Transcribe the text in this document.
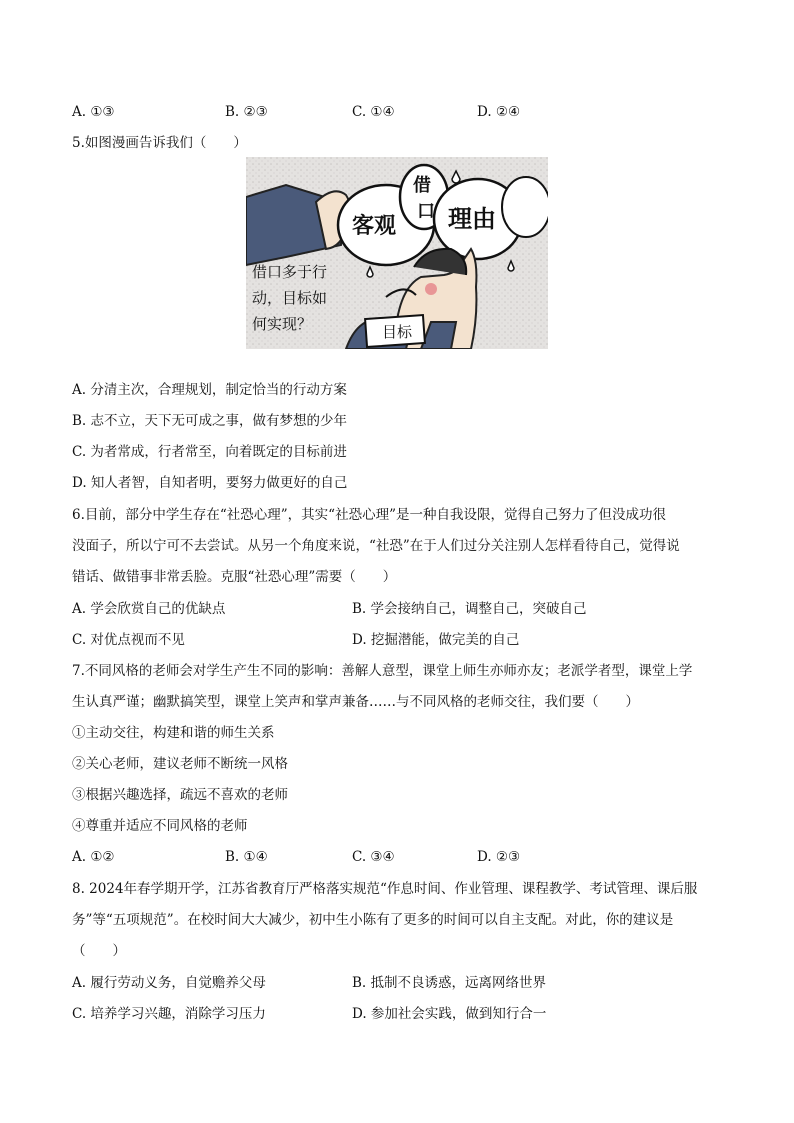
A. ①③	B. ②③	C. ①④	D. ②④
5.如图漫画告诉我们（　　）
客观
借
口 理由
借口多于行
动，目标如
何实现？	目标
A. 分清主次，合理规划，制定恰当的行动方案
B. 志不立，天下无可成之事，做有梦想的少年
C. 为者常成，行者常至，向着既定的目标前进
D. 知人者智，自知者明，要努力做更好的自己
6.目前，部分中学生存在“社恐心理”，其实“社恐心理”是一种自我设限，觉得自己努力了但没成功很
没面子，所以宁可不去尝试。从另一个角度来说，“社恐”在于人们过分关注别人怎样看待自己，觉得说
错话、做错事非常丢脸。克服“社恐心理”需要（　　）
A. 学会欣赏自己的优缺点	B. 学会接纳自己，调整自己，突破自己
C. 对优点视而不见	D. 挖掘潜能，做完美的自己
7.不同风格的老师会对学生产生不同的影响：善解人意型，课堂上师生亦师亦友；老派学者型，课堂上学
生认真严谨；幽默搞笑型，课堂上笑声和掌声兼备……与不同风格的老师交往，我们要（　　）
①主动交往，构建和谐的师生关系
②关心老师，建议老师不断统一风格
③根据兴趣选择，疏远不喜欢的老师
④尊重并适应不同风格的老师
A. ①②	B. ①④	C. ③④	D. ②③
8. 2024年春学期开学，江苏省教育厅严格落实规范“作息时间、作业管理、课程教学、考试管理、课后服
务”等“五项规范”。在校时间大大减少，初中生小陈有了更多的时间可以自主支配。对此，你的建议是
（　　）
A. 履行劳动义务，自觉赡养父母	B. 抵制不良诱惑，远离网络世界
C. 培养学习兴趣，消除学习压力	D. 参加社会实践，做到知行合一
